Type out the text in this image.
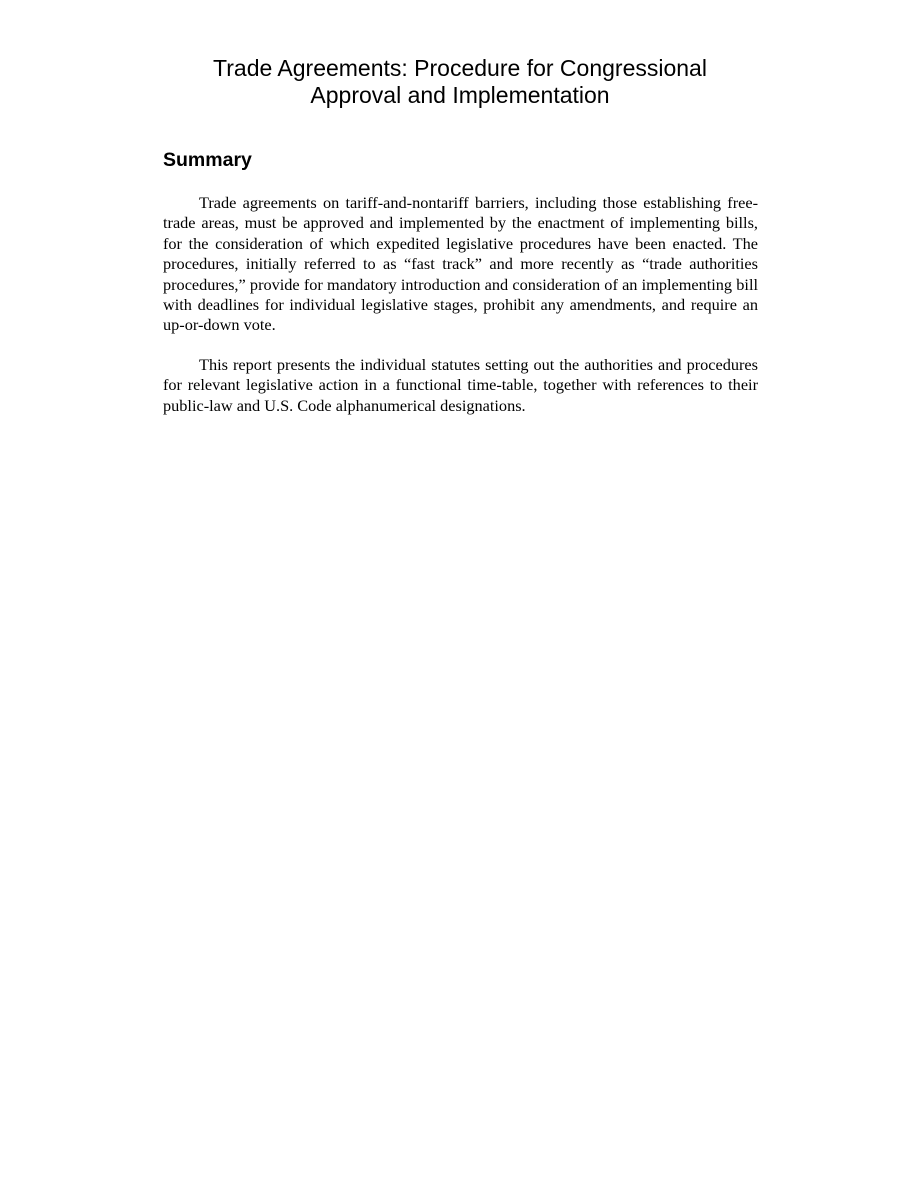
Trade Agreements: Procedure for Congressional
Approval and Implementation
Summary

Trade agreements on tariff-and-nontariff barriers, including those establishing free-trade areas, must be approved and implemented by the enactment of implementing bills, for the consideration of which expedited legislative procedures have been enacted. The procedures, initially referred to as “fast track” and more recently as “trade authorities procedures,” provide for mandatory introduction and consideration of an implementing bill with deadlines for individual legislative stages, prohibit any amendments, and require an up-or-down vote.

This report presents the individual statutes setting out the authorities and procedures for relevant legislative action in a functional time-table, together with references to their public-law and U.S. Code alphanumerical designations.
